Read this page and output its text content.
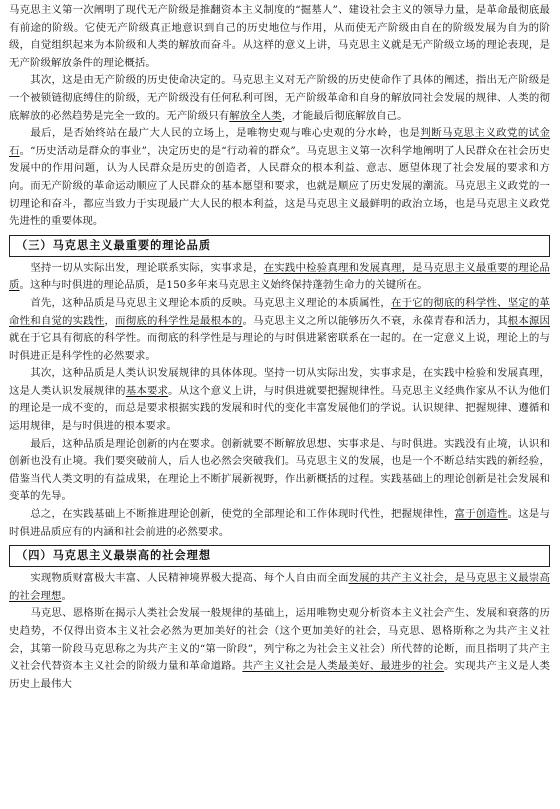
马克思主义第一次阐明了现代无产阶级是推翻资本主义制度的“掘墓人”、建设社会主义的领导力量，是革命最彻底最有前途的阶级。它使无产阶级真正地意识到自己的历史地位与作用，从而使无产阶级由自在的阶级发展为自为的阶级，自觉组织起来为本阶级和人类的解放而奋斗。从这样的意义上讲，马克思主义就是无产阶级立场的理论表现，是无产阶级解放条件的理论概括。

其次，这是由无产阶级的历史使命决定的。马克思主义对无产阶级的历史使命作了具体的阐述，指出无产阶级是一个被锁链彻底缚住的阶级，无产阶级没有任何私利可图，无产阶级革命和自身的解放同社会发展的规律、人类的彻底解放的必然趋势是完全一致的。无产阶级只有解放全人类，才能最后彻底解放自己。

最后，是否始终站在最广大人民的立场上，是唯物史观与唯心史观的分水岭，也是判断马克思主义政党的试金石。“历史活动是群众的事业”，决定历史的是“行动着的群众”。马克思主义第一次科学地阐明了人民群众在社会历史发展中的作用问题，认为人民群众是历史的创造者，人民群众的根本利益、意志、愿望体现了社会发展的要求和方向。而无产阶级的革命运动顺应了人民群众的基本愿望和要求，也就是顺应了历史发展的潮流。马克思主义政党的一切理论和奋斗，都应当致力于实现最广大人民的根本利益，这是马克思主义最鲜明的政治立场，也是马克思主义政党先进性的重要体现。

（三）马克思主义最重要的理论品质

坚持一切从实际出发，理论联系实际，实事求是，在实践中检验真理和发展真理，是马克思主义最重要的理论品质。这种与时俱进的理论品质，是150多年来马克思主义始终保持蓬勃生命力的关键所在。

首先，这种品质是马克思主义理论本质的反映。马克思主义理论的本质属性，在于它的彻底的科学性、坚定的革命性和自觉的实践性，而彻底的科学性是最根本的。马克思主义之所以能够历久不衰，永葆青春和活力，其根本源因就在于它具有彻底的科学性。而彻底的科学性是与理论的与时俱进紧密联系在一起的。在一定意义上说，理论上的与时俱进正是科学性的必然要求。

其次，这种品质是人类认识发展规律的具体体现。坚持一切从实际出发，实事求是，在实践中检验和发展真理，这是人类认识发展规律的基本要求。从这个意义上讲，与时俱进就要把握规律性。马克思主义经典作家从不认为他们的理论是一成不变的，而总是要求根据实践的发展和时代的变化丰富发展他们的学说。认识规律、把握规律、遵循和运用规律，是与时俱进的根本要求。

最后，这种品质是理论创新的内在要求。创新就要不断解放思想、实事求是、与时俱进。实践没有止境，认识和创新也没有止境。我们要突破前人，后人也必然会突破我们。马克思主义的发展，也是一个不断总结实践的新经验，借鉴当代人类文明的有益成果，在理论上不断扩展新视野，作出新概括的过程。实践基础上的理论创新是社会发展和变革的先导。

总之，在实践基础上不断推进理论创新，使党的全部理论和工作体现时代性，把握规律性，富于创造性。这是与时俱进品质应有的内涵和社会前进的必然要求。

（四）马克思主义最崇高的社会理想

实现物质财富极大丰富、人民精神境界极大提高、每个人自由而全面发展的共产主义社会，是马克思主义最崇高的社会理想。

马克思、恩格斯在揭示人类社会发展一般规律的基础上，运用唯物史观分析资本主义社会产生、发展和衰落的历史趋势，不仅得出资本主义社会必然为更加美好的社会（这个更加美好的社会，马克思、恩格斯称之为共产主义社会，其第一阶段马克思称之为共产主义的“第一阶段”，列宁称之为社会主义社会）所代替的论断，而且指明了共产主义社会代替资本主义社会的阶级力量和革命道路。共产主义社会是人类最美好、最进步的社会。实现共产主义是人类历史上最伟大
